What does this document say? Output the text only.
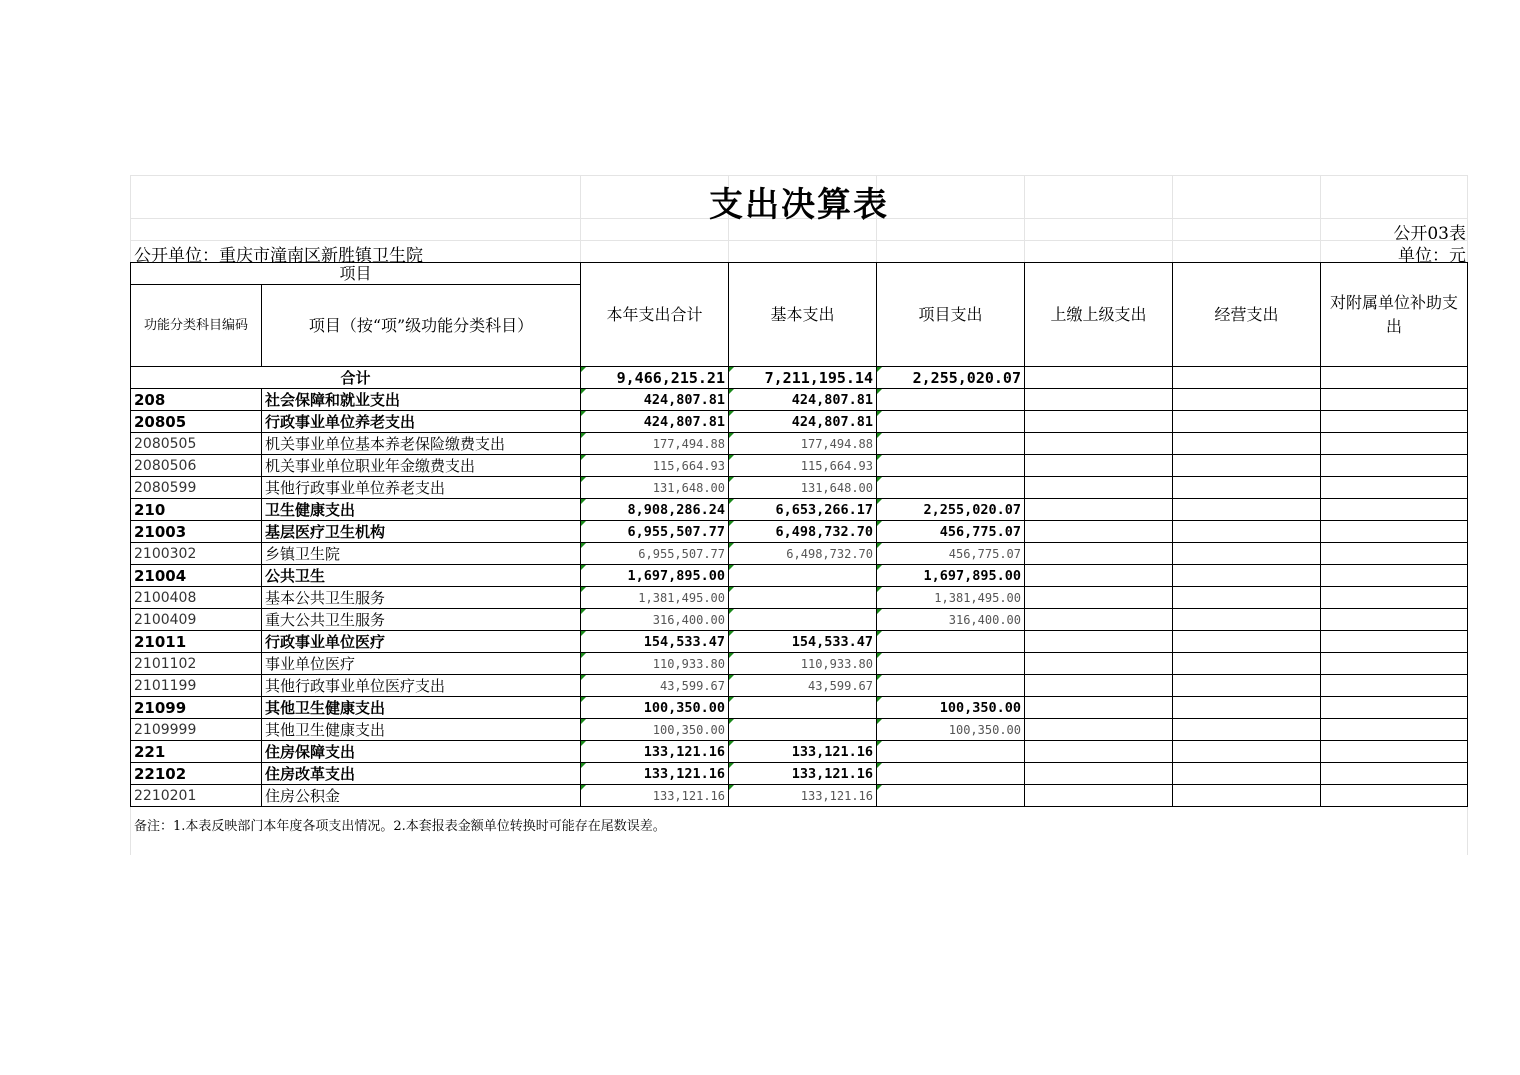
支出决算表
公开03表
公开单位：重庆市潼南区新胜镇卫生院	单位：元
项目		本年支出合计	基本支出	项目支出	上缴上级支出	经营支出	对附属单位补助支出
功能分类科目编码	项目（按“项”级功能分类科目）						
合计		9,466,215.21	7,211,195.14	2,255,020.07			
208	社会保障和就业支出	424,807.81	424,807.81				
20805	行政事业单位养老支出	424,807.81	424,807.81				
2080505	机关事业单位基本养老保险缴费支出	177,494.88	177,494.88				
2080506	机关事业单位职业年金缴费支出	115,664.93	115,664.93				
2080599	其他行政事业单位养老支出	131,648.00	131,648.00				
210	卫生健康支出	8,908,286.24	6,653,266.17	2,255,020.07			
21003	基层医疗卫生机构	6,955,507.77	6,498,732.70	456,775.07			
2100302	乡镇卫生院	6,955,507.77	6,498,732.70	456,775.07			
21004	公共卫生	1,697,895.00		1,697,895.00			
2100408	基本公共卫生服务	1,381,495.00		1,381,495.00			
2100409	重大公共卫生服务	316,400.00		316,400.00			
21011	行政事业单位医疗	154,533.47	154,533.47				
2101102	事业单位医疗	110,933.80	110,933.80				
2101199	其他行政事业单位医疗支出	43,599.67	43,599.67				
21099	其他卫生健康支出	100,350.00		100,350.00			
2109999	其他卫生健康支出	100,350.00		100,350.00			
221	住房保障支出	133,121.16	133,121.16				
22102	住房改革支出	133,121.16	133,121.16				
2210201	住房公积金	133,121.16	133,121.16				
备注：1.本表反映部门本年度各项支出情况。2.本套报表金额单位转换时可能存在尾数误差。
